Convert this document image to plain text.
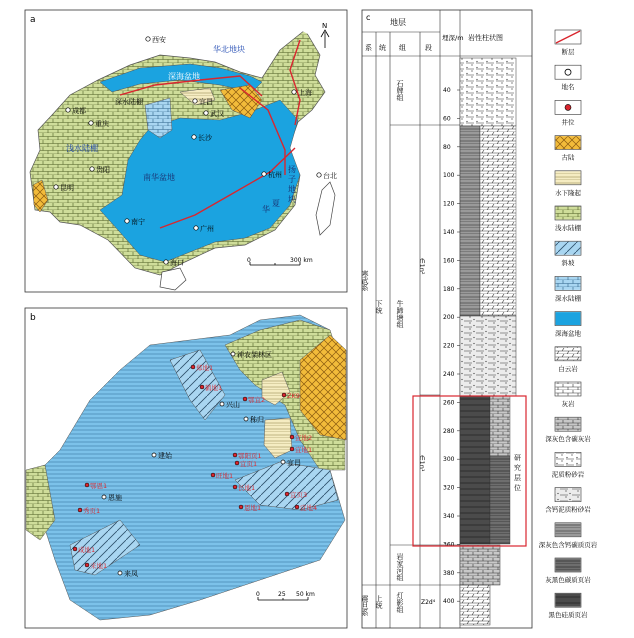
a
N
华北地块
深海盆地
深水陆棚
浅水陆棚
南华盆地
扬
子
地
块
华
夏
西安
宜昌
武汉
成都
重庆
上海
长沙
贵阳
昆明
南宁
广州
海口
杭州	台北
0	300 km
b
神农架林区
兴山
秭归
宜昌
建始
恩施
来凤
郑地1
鄂宜2	ZK9
宜地2
宜地1
鄂阳页1
宜页1
鄂恩1
旺地1
长地1
宜页3
恩地1	宜地4
秀页1
咸地1
来地1
鹤地1
0	25 50 km
c
地层
系 统 组	段
埋深/m 岩性柱状图
寒武系
下统
石牌组
牛蹄塘组
岩家河组
震旦系 上统 灯影组
∈1n²
∈1n¹
Z2d⁴
40
60
80
100
120
140
160
180
200
220
240
260
280
300
320
340
360
380
400
研
究
层
位
断层
地名
井位
古陆
水下隆起
浅水陆棚
斜坡
深水陆棚
深海盆地
白云岩
灰岩
深灰色含碳灰岩
泥质粉砂岩
含钙泥质粉砂岩
深灰色含钙碳质页岩
灰黑色碳质页岩
黑色硅质页岩
